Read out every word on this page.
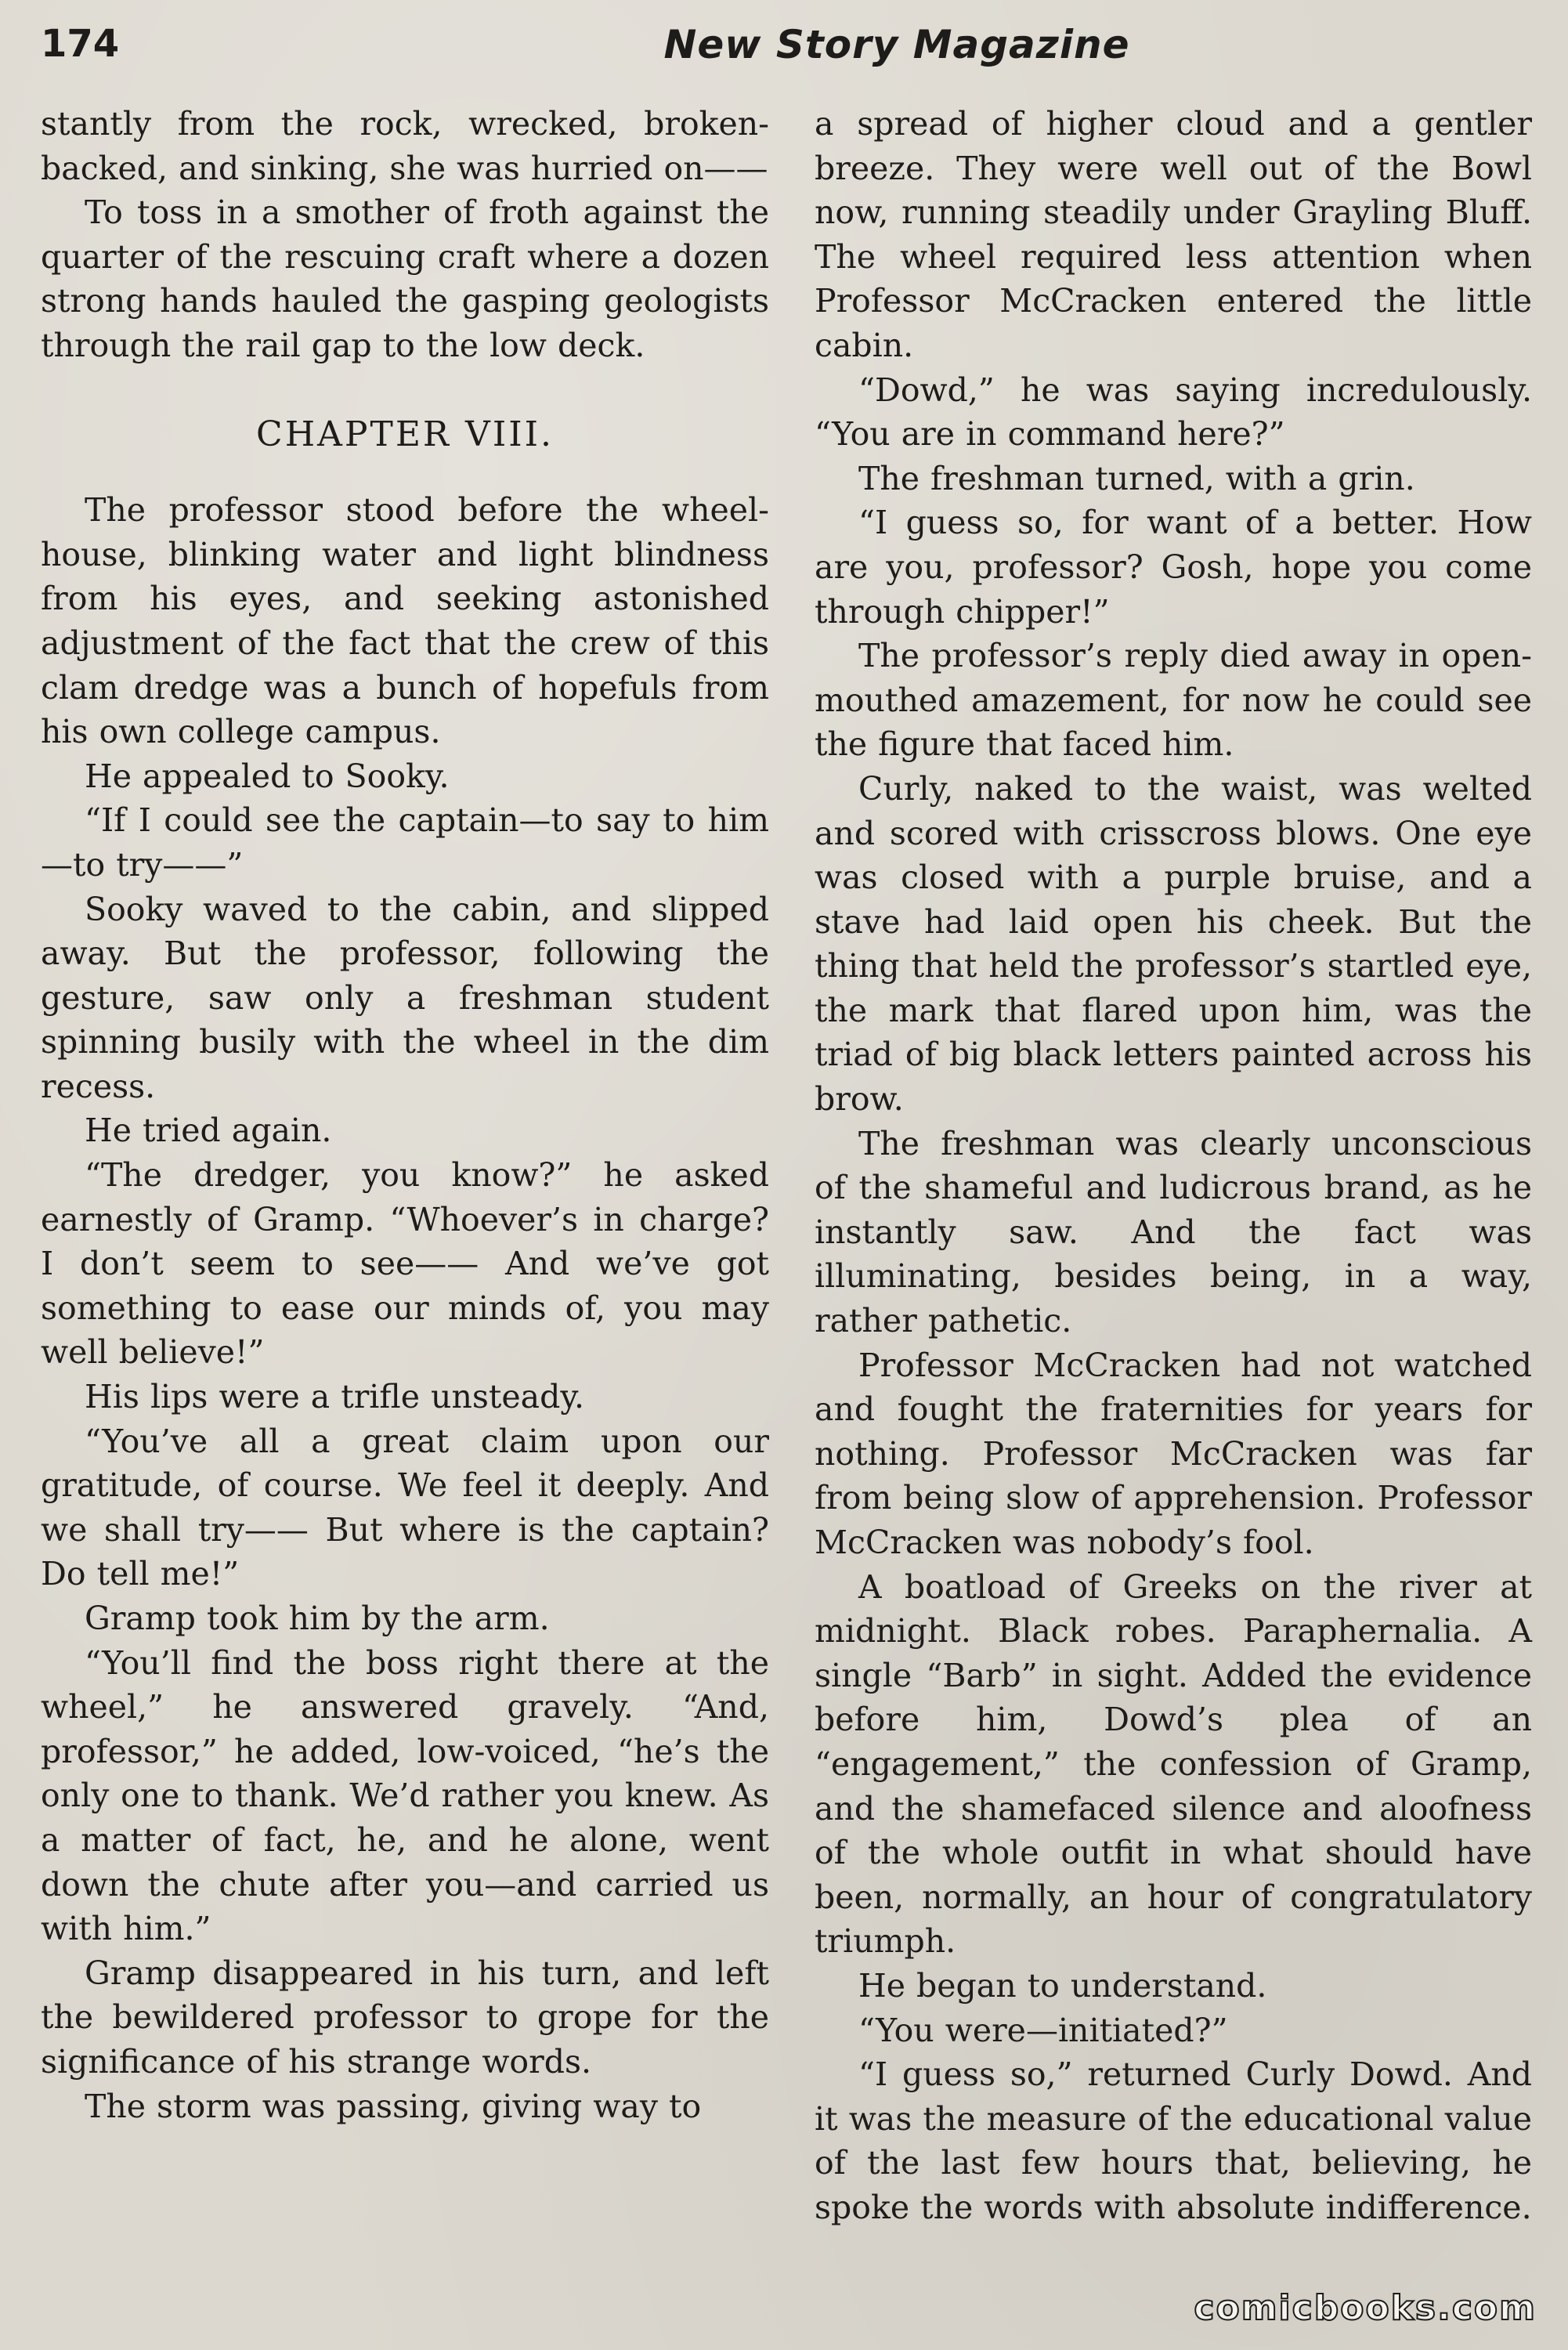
174	New Story Magazine

stantly from the rock, wrecked, broken-backed, and sinking, she was hurried on——

To toss in a smother of froth against the quarter of the rescuing craft where a dozen strong hands hauled the gasping geologists through the rail gap to the low deck.

CHAPTER VIII.

The professor stood before the wheel-house, blinking water and light blindness from his eyes, and seeking astonished adjustment of the fact that the crew of this clam dredge was a bunch of hopefuls from his own college campus.

He appealed to Sooky.

“If I could see the captain—to say to him—to try——”

Sooky waved to the cabin, and slipped away. But the professor, following the gesture, saw only a freshman student spinning busily with the wheel in the dim recess.

He tried again.

“The dredger, you know?” he asked earnestly of Gramp. “Whoever’s in charge? I don’t seem to see—— And we’ve got something to ease our minds of, you may well believe!”

His lips were a trifle unsteady.

“You’ve all a great claim upon our gratitude, of course. We feel it deeply. And we shall try—— But where is the captain? Do tell me!”

Gramp took him by the arm.

“You’ll find the boss right there at the wheel,” he answered gravely. “And, professor,” he added, low-voiced, “he’s the only one to thank. We’d rather you knew. As a matter of fact, he, and he alone, went down the chute after you—and carried us with him.”

Gramp disappeared in his turn, and left the bewildered professor to grope for the significance of his strange words.

The storm was passing, giving way to

a spread of higher cloud and a gentler breeze. They were well out of the Bowl now, running steadily under Grayling Bluff. The wheel required less attention when Professor McCracken entered the little cabin.

“Dowd,” he was saying incredulously. “You are in command here?”

The freshman turned, with a grin.

“I guess so, for want of a better. How are you, professor? Gosh, hope you come through chipper!”

The professor’s reply died away in open-mouthed amazement, for now he could see the figure that faced him.

Curly, naked to the waist, was welted and scored with crisscross blows. One eye was closed with a purple bruise, and a stave had laid open his cheek. But the thing that held the professor’s startled eye, the mark that flared upon him, was the triad of big black letters painted across his brow.

The freshman was clearly unconscious of the shameful and ludicrous brand, as he instantly saw. And the fact was illuminating, besides being, in a way, rather pathetic.

Professor McCracken had not watched and fought the fraternities for years for nothing. Professor McCracken was far from being slow of apprehension. Professor McCracken was nobody’s fool.

A boatload of Greeks on the river at midnight. Black robes. Paraphernalia. A single “Barb” in sight. Added the evidence before him, Dowd’s plea of an “engagement,” the confession of Gramp, and the shamefaced silence and aloofness of the whole outfit in what should have been, normally, an hour of congratulatory triumph.

He began to understand.

“You were—initiated?”

“I guess so,” returned Curly Dowd. And it was the measure of the educational value of the last few hours that, believing, he spoke the words with absolute indifference.

comicbooks.com
